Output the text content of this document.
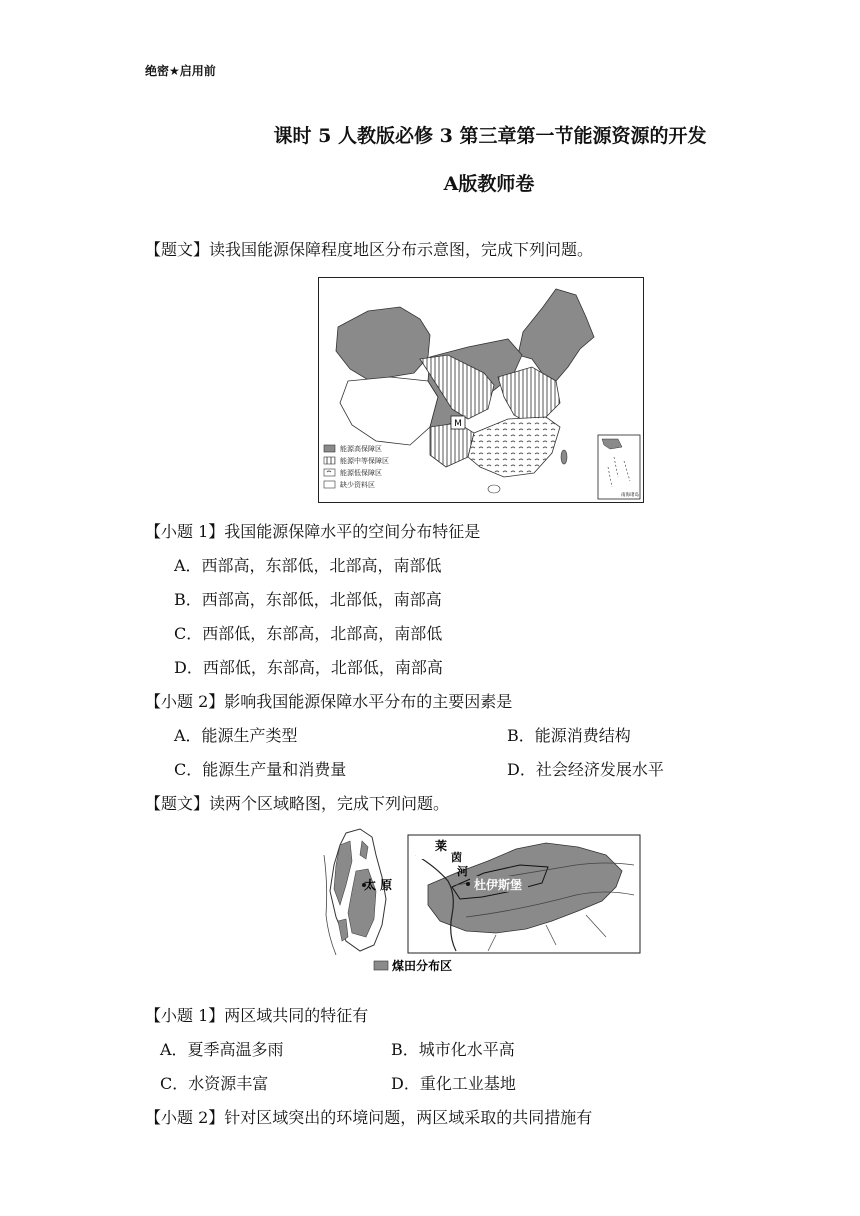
绝密★启用前
课时 5 人教版必修 3 第三章第一节能源资源的开发
A版教师卷
【题文】读我国能源保障程度地区分布示意图，完成下列问题。
M
能源高保障区
能源中等保障区
能源低保障区
缺少资料区
南海诸岛
【小题 1】我国能源保障水平的空间分布特征是
A．西部高，东部低，北部高，南部低
B．西部高，东部低，北部低，南部高
C．西部低，东部高，北部高，南部低
D．西部低，东部高，北部低，南部高
【小题 2】影响我国能源保障水平分布的主要因素是
A．能源生产类型	B．能源消费结构
C．能源生产量和消费量	D．社会经济发展水平
【题文】读两个区域略图，完成下列问题。
太 原
莱
茵
河
杜伊斯堡
煤田分布区
【小题 1】两区域共同的特征有
A．夏季高温多雨	B．城市化水平高
C．水资源丰富	D．重化工业基地
【小题 2】针对区域突出的环境问题，两区域采取的共同措施有
